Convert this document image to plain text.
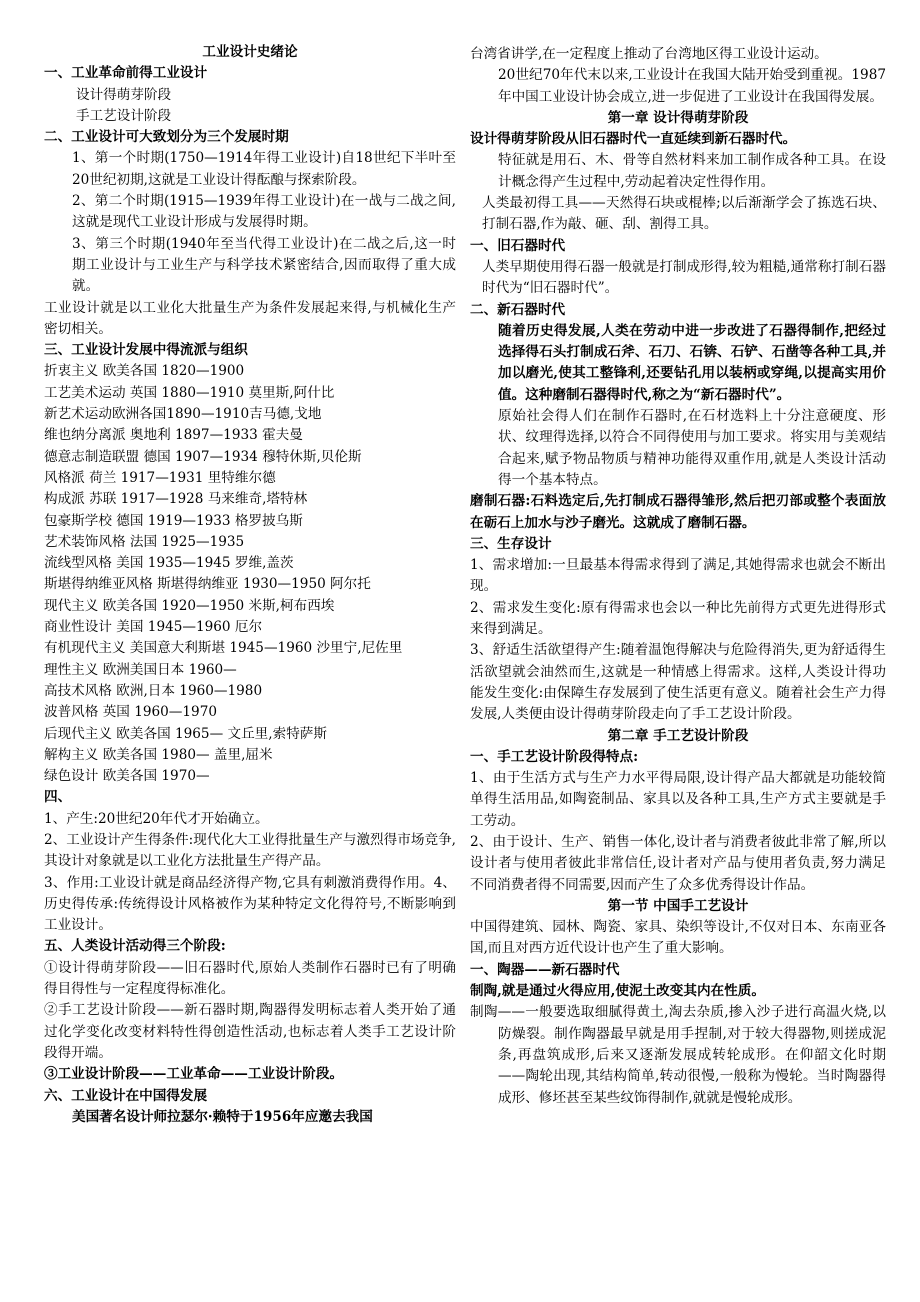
工业设计史绪论

一、工业革命前得工业设计

设计得萌芽阶段

手工艺设计阶段

二、工业设计可大致划分为三个发展时期

1、第一个时期(1750—1914年得工业设计)自18世纪下半叶至20世纪初期,这就是工业设计得酝酿与探索阶段。

2、第二个时期(1915—1939年得工业设计)在一战与二战之间,这就是现代工业设计形成与发展得时期。

3、第三个时期(1940年至当代得工业设计)在二战之后,这一时期工业设计与工业生产与科学技术紧密结合,因而取得了重大成就。

工业设计就是以工业化大批量生产为条件发展起来得,与机械化生产密切相关。

三、工业设计发展中得流派与组织

折衷主义 欧美各国 1820—1900

工艺美术运动 英国 1880—1910 莫里斯,阿什比

新艺术运动欧洲各国1890—1910吉马德,戈地

维也纳分离派 奥地利 1897—1933 霍夫曼

德意志制造联盟 德国 1907—1934 穆特休斯,贝伦斯

风格派 荷兰 1917—1931 里特维尔德

构成派 苏联 1917—1928 马来维奇,塔特林

包豪斯学校 德国 1919—1933 格罗披乌斯

艺术装饰风格 法国 1925—1935

流线型风格 美国 1935—1945 罗维,盖茨

斯堪得纳维亚风格 斯堪得纳维亚 1930—1950 阿尔托

现代主义 欧美各国 1920—1950 米斯,柯布西埃

商业性设计 美国 1945—1960 厄尔

有机现代主义 美国意大利斯堪 1945—1960 沙里宁,尼佐里

理性主义 欧洲美国日本 1960—

高技术风格 欧洲,日本 1960—1980

波普风格 英国 1960—1970

后现代主义 欧美各国 1965— 文丘里,索特萨斯

解构主义 欧美各国 1980— 盖里,屈米

绿色设计 欧美各国 1970—

四、

1、产生:20世纪20年代才开始确立。

2、工业设计产生得条件:现代化大工业得批量生产与激烈得市场竞争,其设计对象就是以工业化方法批量生产得产品。

3、作用:工业设计就是商品经济得产物,它具有刺激消费得作用。4、历史得传承:传统得设计风格被作为某种特定文化得符号,不断影响到工业设计。

五、人类设计活动得三个阶段:

①设计得萌芽阶段——旧石器时代,原始人类制作石器时已有了明确得目得性与一定程度得标准化。

②手工艺设计阶段——新石器时期,陶器得发明标志着人类开始了通过化学变化改变材料特性得创造性活动,也标志着人类手工艺设计阶段得开端。

③工业设计阶段——工业革命——工业设计阶段。

六、工业设计在中国得发展

美国著名设计师拉瑟尔·赖特于1956年应邀去我国

台湾省讲学,在一定程度上推动了台湾地区得工业设计运动。

20世纪70年代末以来,工业设计在我国大陆开始受到重视。1987年中国工业设计协会成立,进一步促进了工业设计在我国得发展。

第一章 设计得萌芽阶段

设计得萌芽阶段从旧石器时代一直延续到新石器时代。

特征就是用石、木、骨等自然材料来加工制作成各种工具。在设计概念得产生过程中,劳动起着决定性得作用。

人类最初得工具——天然得石块或棍棒;以后渐渐学会了拣选石块、打制石器,作为敲、砸、刮、割得工具。

一、旧石器时代

人类早期使用得石器一般就是打制成形得,较为粗糙,通常称打制石器时代为“旧石器时代”。

二、新石器时代

随着历史得发展,人类在劳动中进一步改进了石器得制作,把经过选择得石头打制成石斧、石刀、石锛、石铲、石凿等各种工具,并加以磨光,使其工整锋利,还要钻孔用以装柄或穿绳,以提高实用价值。这种磨制石器得时代,称之为“新石器时代”。

原始社会得人们在制作石器时,在石材选料上十分注意硬度、形状、纹理得选择,以符合不同得使用与加工要求。将实用与美观结合起来,赋予物品物质与精神功能得双重作用,就是人类设计活动得一个基本特点。

磨制石器:石料选定后,先打制成石器得雏形,然后把刃部或整个表面放在砺石上加水与沙子磨光。这就成了磨制石器。

三、生存设计

1、需求增加:一旦最基本得需求得到了满足,其她得需求也就会不断出现。

2、需求发生变化:原有得需求也会以一种比先前得方式更先进得形式来得到满足。

3、舒适生活欲望得产生:随着温饱得解决与危险得消失,更为舒适得生活欲望就会油然而生,这就是一种情感上得需求。这样,人类设计得功能发生变化:由保障生存发展到了使生活更有意义。随着社会生产力得发展,人类便由设计得萌芽阶段走向了手工艺设计阶段。

第二章 手工艺设计阶段

一、手工艺设计阶段得特点:

1、由于生活方式与生产力水平得局限,设计得产品大都就是功能较简单得生活用品,如陶瓷制品、家具以及各种工具,生产方式主要就是手工劳动。

2、由于设计、生产、销售一体化,设计者与消费者彼此非常了解,所以设计者与使用者彼此非常信任,设计者对产品与使用者负责,努力满足不同消费者得不同需要,因而产生了众多优秀得设计作品。

第一节 中国手工艺设计

中国得建筑、园林、陶瓷、家具、染织等设计,不仅对日本、东南亚各国,而且对西方近代设计也产生了重大影响。

一、陶器——新石器时代

制陶,就是通过火得应用,使泥土改变其内在性质。

制陶——一般要选取细腻得黄土,淘去杂质,掺入沙子进行高温火烧,以防燥裂。制作陶器最早就是用手捏制,对于较大得器物,则搓成泥条,再盘筑成形,后来又逐渐发展成转轮成形。在仰韶文化时期——陶轮出现,其结构简单,转动很慢,一般称为慢轮。当时陶器得成形、修坯甚至某些纹饰得制作,就就是慢轮成形。
